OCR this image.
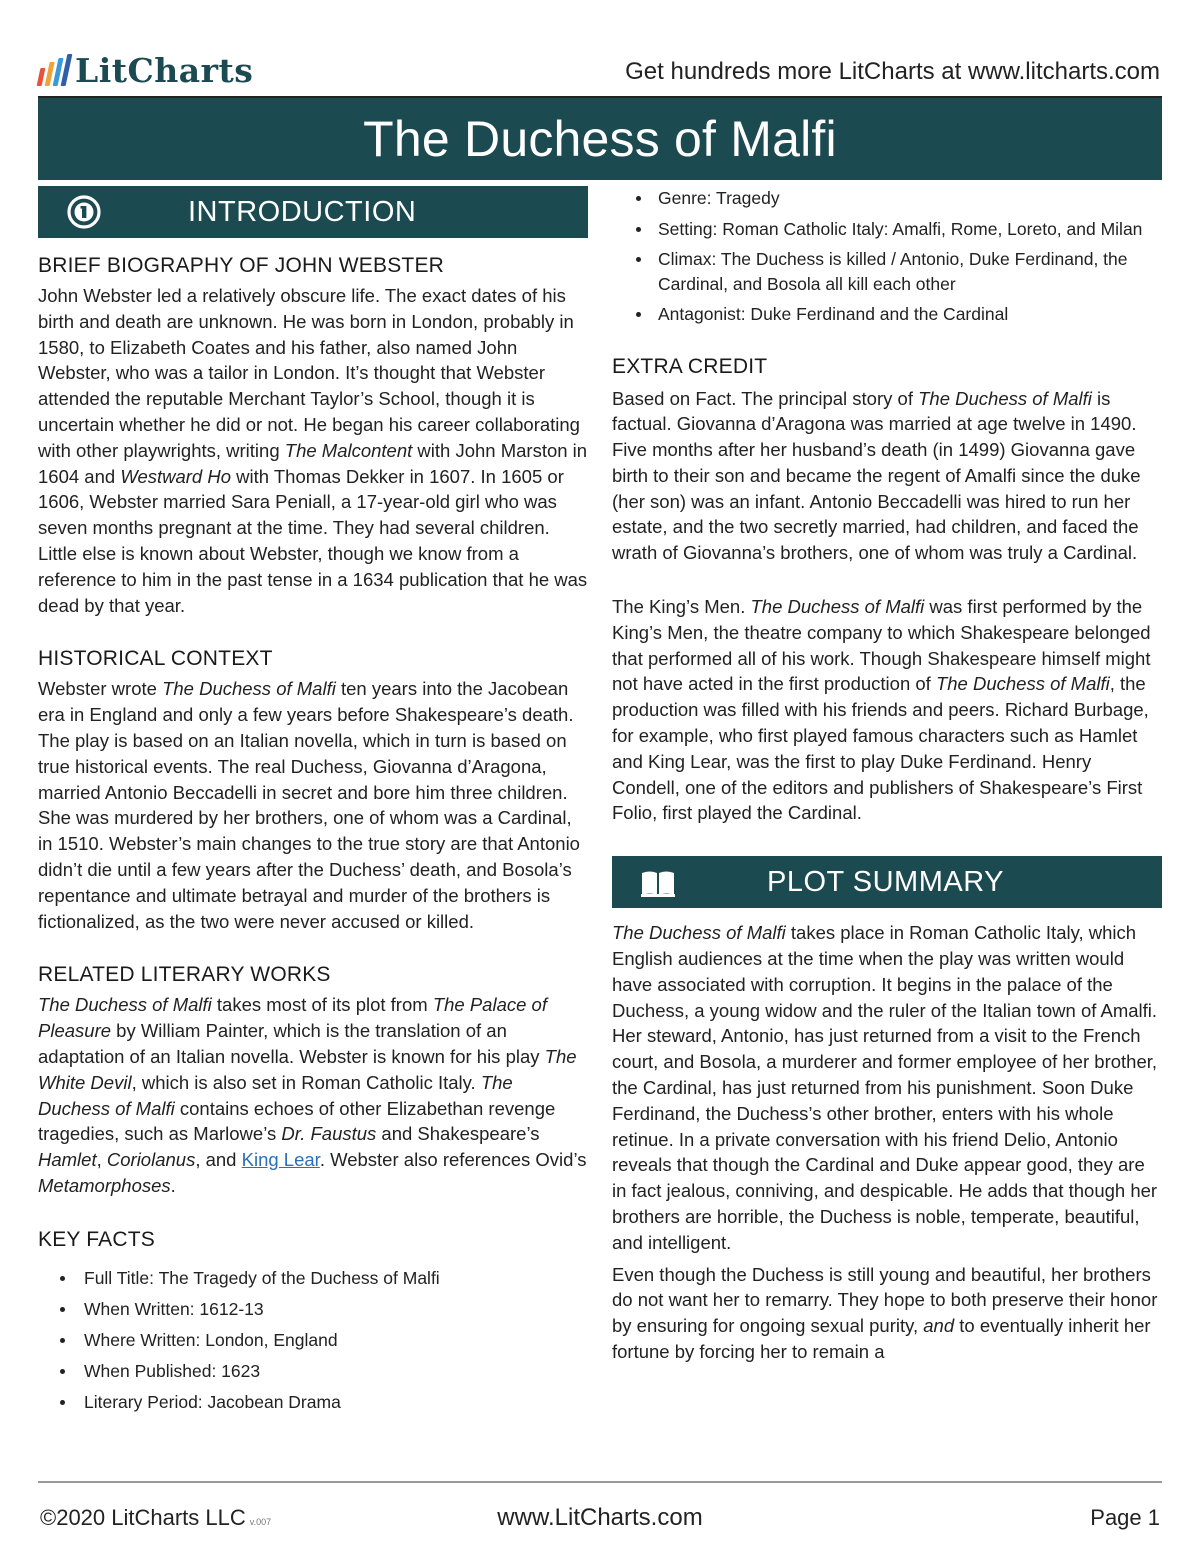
LitCharts	Get hundreds more LitCharts at www.litcharts.com
The Duchess of Malfi
INTRODUCTION
BRIEF BIOGRAPHY OF JOHN WEBSTER

John Webster led a relatively obscure life. The exact dates of his birth and death are unknown. He was born in London, probably in 1580, to Elizabeth Coates and his father, also named John Webster, who was a tailor in London. It’s thought that Webster attended the reputable Merchant Taylor’s School, though it is uncertain whether he did or not. He began his career collaborating with other playwrights, writing The Malcontent with John Marston in 1604 and Westward Ho with Thomas Dekker in 1607. In 1605 or 1606, Webster married Sara Peniall, a 17-year-old girl who was seven months pregnant at the time. They had several children. Little else is known about Webster, though we know from a reference to him in the past tense in a 1634 publication that he was dead by that year.

HISTORICAL CONTEXT

Webster wrote The Duchess of Malfi ten years into the Jacobean era in England and only a few years before Shakespeare’s death. The play is based on an Italian novella, which in turn is based on true historical events. The real Duchess, Giovanna d’Aragona, married Antonio Beccadelli in secret and bore him three children. She was murdered by her brothers, one of whom was a Cardinal, in 1510. Webster’s main changes to the true story are that Antonio didn’t die until a few years after the Duchess’ death, and Bosola’s repentance and ultimate betrayal and murder of the brothers is fictionalized, as the two were never accused or killed.

RELATED LITERARY WORKS

The Duchess of Malfi takes most of its plot from The Palace of Pleasure by William Painter, which is the translation of an adaptation of an Italian novella. Webster is known for his play The White Devil, which is also set in Roman Catholic Italy. The Duchess of Malfi contains echoes of other Elizabethan revenge tragedies, such as Marlowe’s Dr. Faustus and Shakespeare’s Hamlet, Coriolanus, and King Lear. Webster also references Ovid’s Metamorphoses.

KEY FACTS
Full Title: The Tragedy of the Duchess of Malfi
When Written: 1612-13
Where Written: London, England
When Published: 1623
Literary Period: Jacobean Drama
Genre: Tragedy
Setting: Roman Catholic Italy: Amalfi, Rome, Loreto, and Milan
Climax: The Duchess is killed / Antonio, Duke Ferdinand, the Cardinal, and Bosola all kill each other
Antagonist: Duke Ferdinand and the Cardinal
EXTRA CREDIT

Based on Fact. The principal story of The Duchess of Malfi is factual. Giovanna d’Aragona was married at age twelve in 1490. Five months after her husband’s death (in 1499) Giovanna gave birth to their son and became the regent of Amalfi since the duke (her son) was an infant. Antonio Beccadelli was hired to run her estate, and the two secretly married, had children, and faced the wrath of Giovanna’s brothers, one of whom was truly a Cardinal.

The King’s Men. The Duchess of Malfi was first performed by the King’s Men, the theatre company to which Shakespeare belonged that performed all of his work. Though Shakespeare himself might not have acted in the first production of The Duchess of Malfi, the production was filled with his friends and peers. Richard Burbage, for example, who first played famous characters such as Hamlet and King Lear, was the first to play Duke Ferdinand. Henry Condell, one of the editors and publishers of Shakespeare’s First Folio, first played the Cardinal.

PLOT SUMMARY

The Duchess of Malfi takes place in Roman Catholic Italy, which English audiences at the time when the play was written would have associated with corruption. It begins in the palace of the Duchess, a young widow and the ruler of the Italian town of Amalfi. Her steward, Antonio, has just returned from a visit to the French court, and Bosola, a murderer and former employee of her brother, the Cardinal, has just returned from his punishment. Soon Duke Ferdinand, the Duchess’s other brother, enters with his whole retinue. In a private conversation with his friend Delio, Antonio reveals that though the Cardinal and Duke appear good, they are in fact jealous, conniving, and despicable. He adds that though her brothers are horrible, the Duchess is noble, temperate, beautiful, and intelligent.

Even though the Duchess is still young and beautiful, her brothers do not want her to remarry. They hope to both preserve their honor by ensuring for ongoing sexual purity, and to eventually inherit her fortune by forcing her to remain a

©2020 LitCharts LLC v.007	www.LitCharts.com	Page 1
